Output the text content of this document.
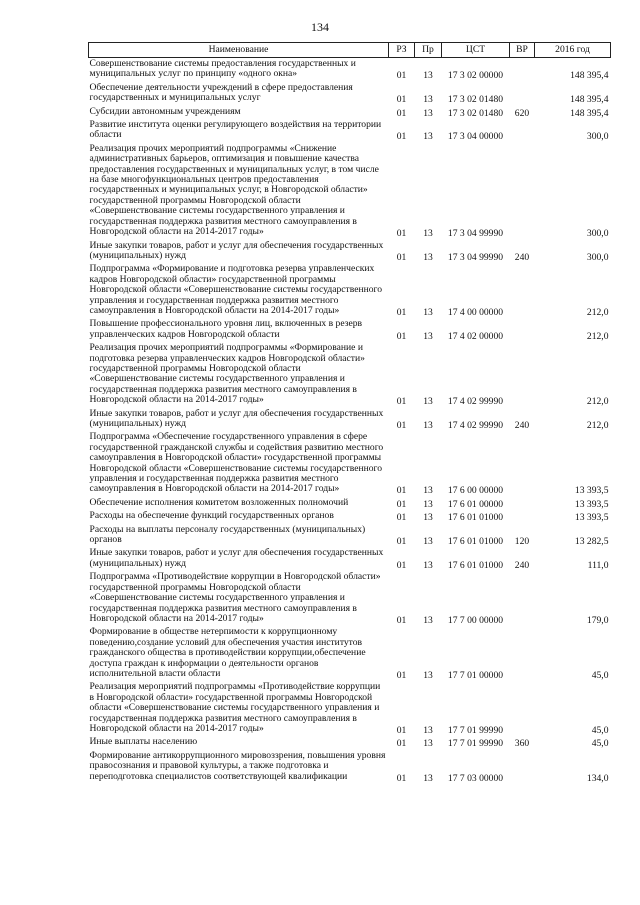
134
Наименование	РЗ	Пр	ЦСТ	ВР	2016 год
Совершенствование системы предоставления государственных и муниципальных услуг по принципу «одного окна»	01	13	17 3 02 00000		148 395,4
Обеспечение деятельности учреждений в сфере предоставления государственных и муниципальных услуг	01	13	17 3 02 01480		148 395,4
Субсидии автономным учреждениям	01	13	17 3 02 01480	620	148 395,4
Развитие института оценки регулирующего воздействия на территории области	01	13	17 3 04 00000		300,0
Реализация прочих мероприятий подпрограммы «Снижение административных барьеров, оптимизация и повышение качества предоставления государственных и муниципальных услуг, в том числе на базе многофункциональных центров предоставления государственных и муниципальных услуг, в Новгородской области» государственной программы Новгородской области «Совершенствование системы государственного управления и государственная поддержка развития местного самоуправления в Новгородской области на 2014-2017 годы»	01	13	17 3 04 99990		300,0
Иные закупки товаров, работ и услуг для обеспечения государственных (муниципальных) нужд	01	13	17 3 04 99990	240	300,0
Подпрограмма «Формирование и подготовка резерва управленческих кадров Новгородской области» государственной программы Новгородской области «Совершенствование системы государственного управления и государственная поддержка развития местного самоуправления в Новгородской области на 2014-2017 годы»	01	13	17 4 00 00000		212,0
Повышение профессионального уровня лиц, включенных в резерв управленческих кадров Новгородской области	01	13	17 4 02 00000		212,0
Реализация прочих мероприятий подпрограммы «Формирование и подготовка резерва управленческих кадров Новгородской области» государственной программы Новгородской области «Совершенствование системы государственного управления и государственная поддержка развития местного самоуправления в Новгородской области на 2014-2017 годы»	01	13	17 4 02 99990		212,0
Иные закупки товаров, работ и услуг для обеспечения государственных (муниципальных) нужд	01	13	17 4 02 99990	240	212,0
Подпрограмма «Обеспечение государственного управления в сфере государственной гражданской службы и содействия развитию местного самоуправления в Новгородской области» государственной программы Новгородской области «Совершенствование системы государственного управления и государственная поддержка развития местного самоуправления в Новгородской области на 2014-2017 годы»	01	13	17 6 00 00000		13 393,5
Обеспечение исполнения комитетом возложенных полномочий	01	13	17 6 01 00000		13 393,5
Расходы на обеспечение функций государственных органов	01	13	17 6 01 01000		13 393,5
Расходы на выплаты персоналу государственных (муниципальных) органов	01	13	17 6 01 01000	120	13 282,5
Иные закупки товаров, работ и услуг для обеспечения государственных (муниципальных) нужд	01	13	17 6 01 01000	240	111,0
Подпрограмма «Противодействие коррупции в Новгородской области» государственной программы Новгородской области «Совершенствование системы государственного управления и государственная поддержка развития местного самоуправления в Новгородской области на 2014-2017 годы»	01	13	17 7 00 00000		179,0
Формирование в обществе нетерпимости к коррупционному поведению,создание условий для обеспечения участия институтов гражданского общества в противодействии коррупции,обеспечение доступа граждан к информации о деятельности органов исполнительной власти области	01	13	17 7 01 00000		45,0
Реализация мероприятий подпрограммы «Противодействие коррупции в Новгородской области» государственной программы Новгородской области «Совершенствование системы государственного управления и государственная поддержка развития местного самоуправления в Новгородской области на 2014-2017 годы»	01	13	17 7 01 99990		45,0
Иные выплаты населению	01	13	17 7 01 99990	360	45,0
Формирование антикоррупционного мировоззрения, повышения уровня правосознания и правовой культуры, а также подготовка и переподготовка специалистов соответствующей квалификации	01	13	17 7 03 00000		134,0
